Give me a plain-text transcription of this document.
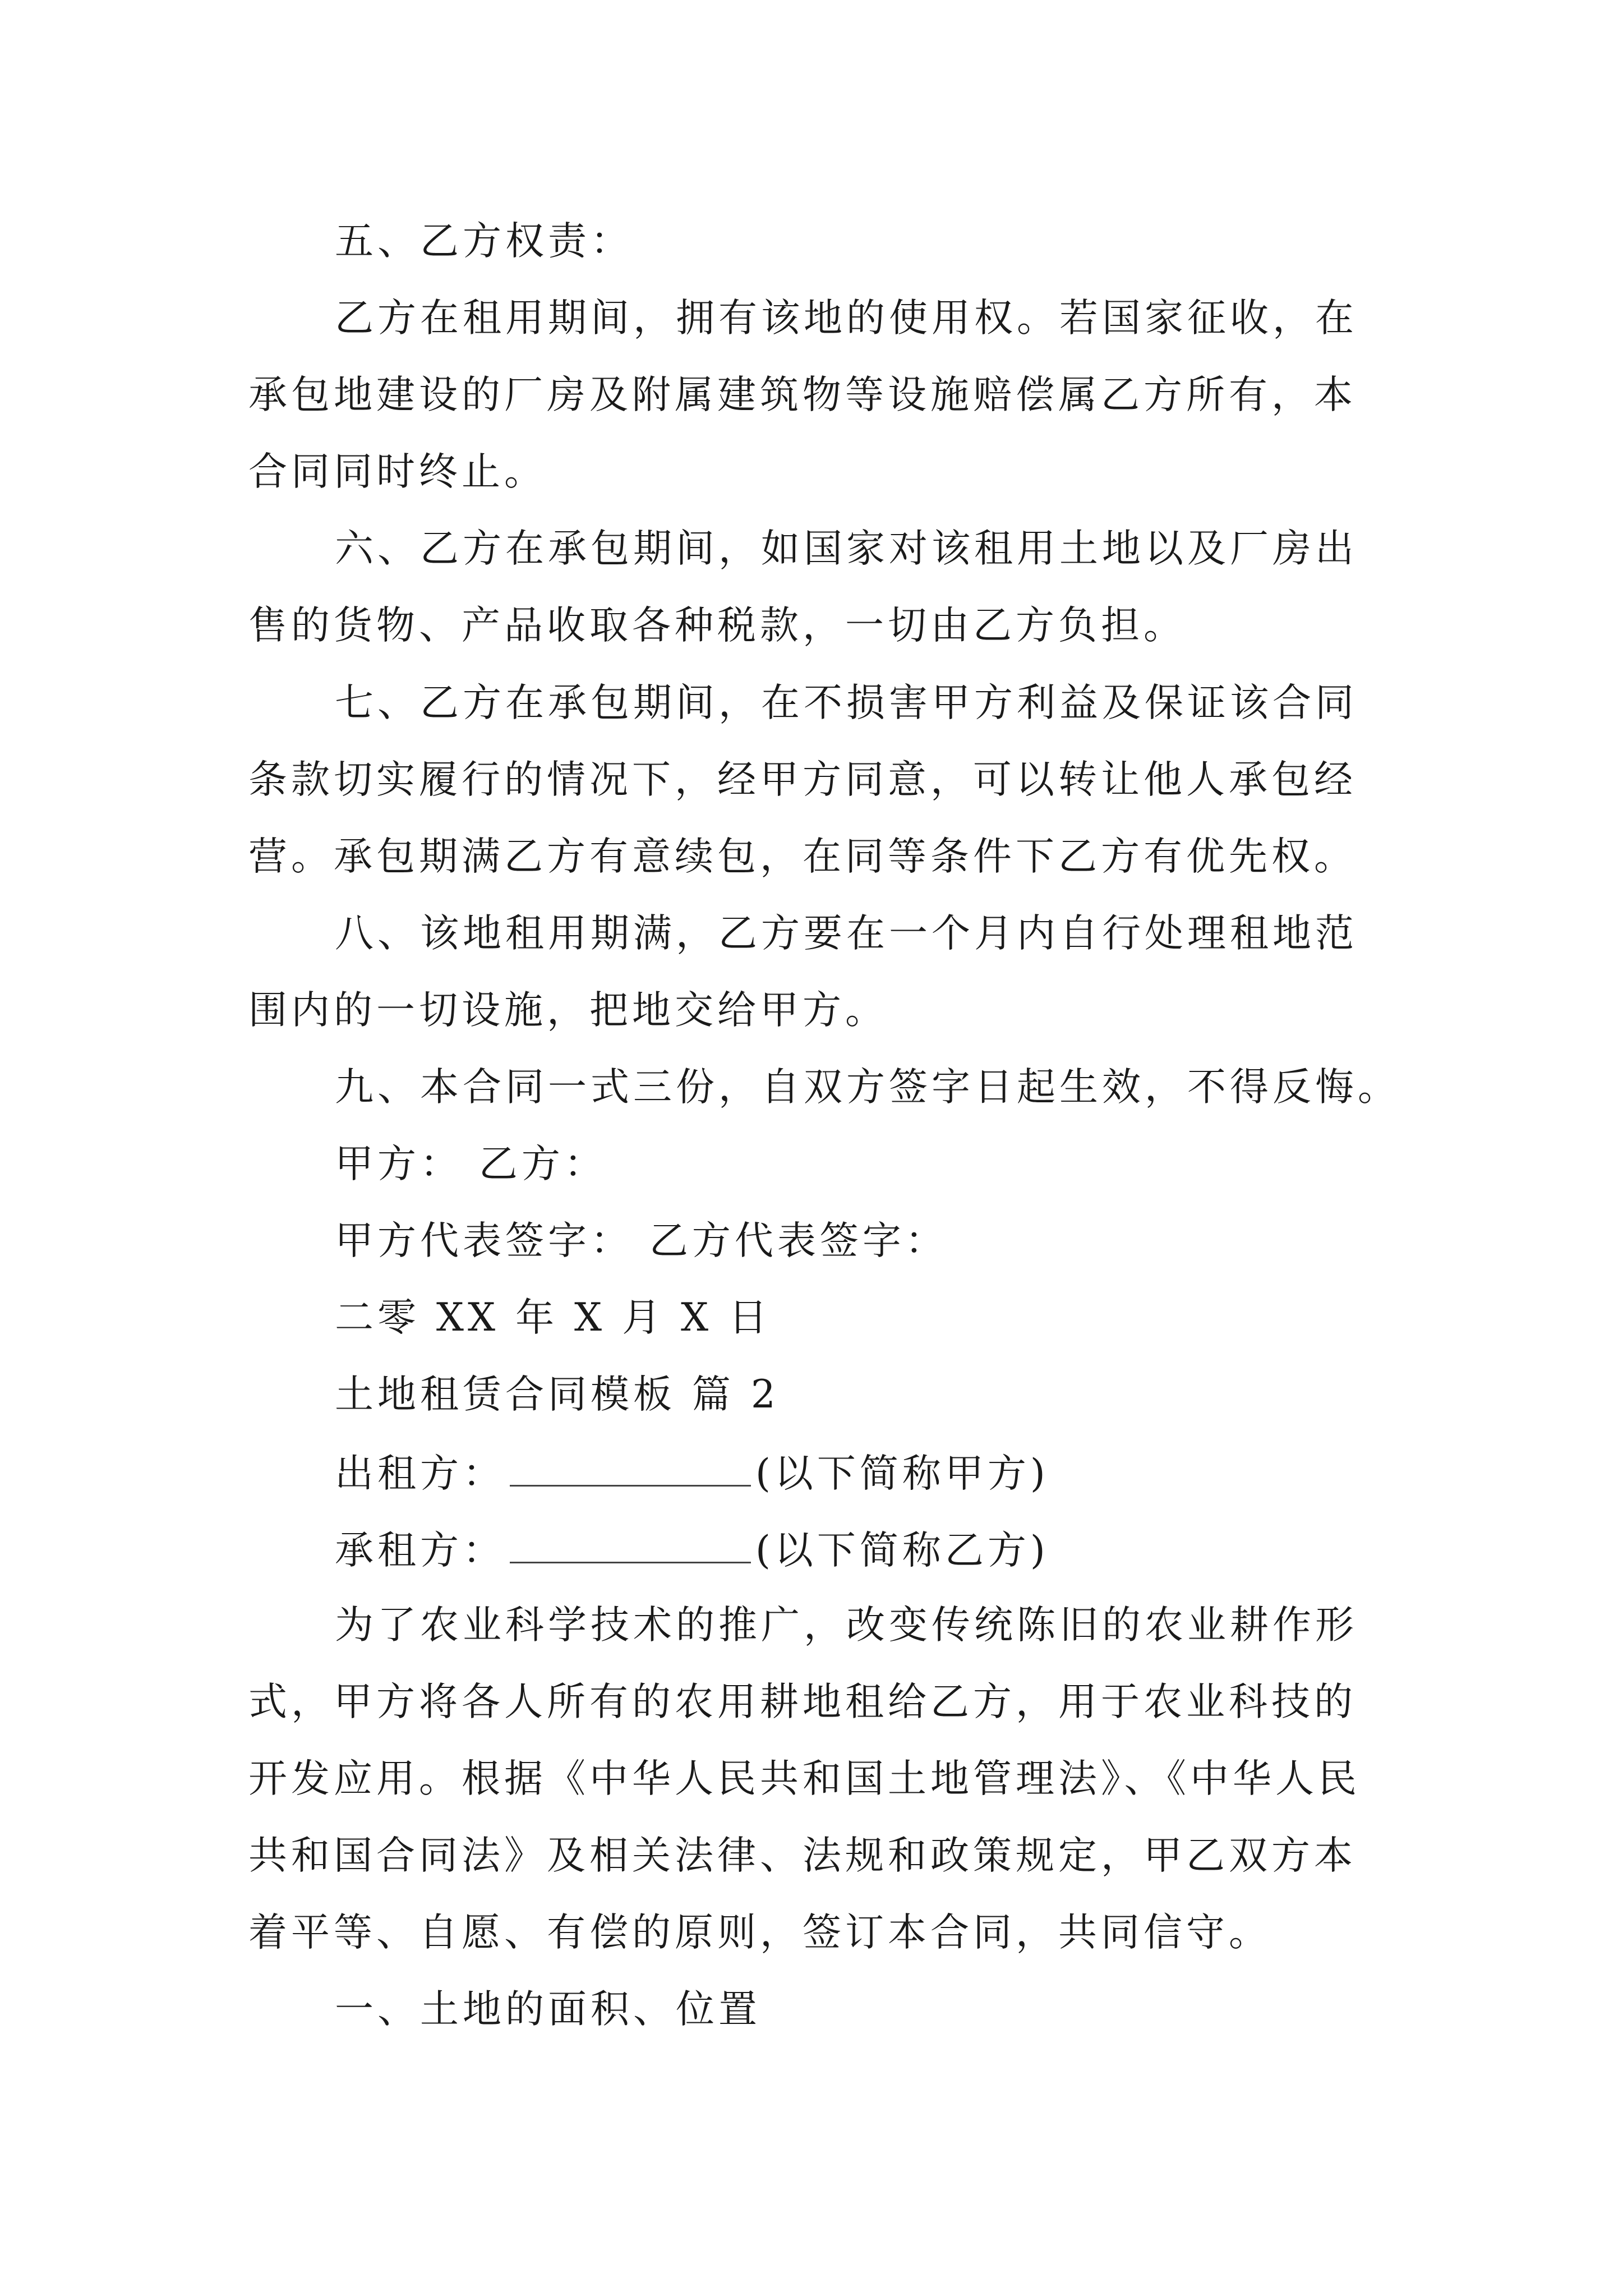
五、乙方权责：
乙方在租用期间，拥有该地的使用权。若国家征收，在
承包地建设的厂房及附属建筑物等设施赔偿属乙方所有，本
合同同时终止。
六、乙方在承包期间，如国家对该租用土地以及厂房出
售的货物、产品收取各种税款，一切由乙方负担。
七、乙方在承包期间，在不损害甲方利益及保证该合同
条款切实履行的情况下，经甲方同意，可以转让他人承包经
营。承包期满乙方有意续包，在同等条件下乙方有优先权。
八、该地租用期满，乙方要在一个月内自行处理租地范
围内的一切设施，把地交给甲方。
九、本合同一式三份，自双方签字日起生效，不得反悔。
甲方： 乙方：
甲方代表签字： 乙方代表签字：
二零 XX 年 X 月 X 日
土地租赁合同模板 篇 2
出租方：	(以下简称甲方)
承租方：	(以下简称乙方)
为了农业科学技术的推广，改变传统陈旧的农业耕作形
式，甲方将各人所有的农用耕地租给乙方，用于农业科技的
开发应用。根据《中华人民共和国土地管理法》、《中华人民
共和国合同法》及相关法律、法规和政策规定，甲乙双方本
着平等、自愿、有偿的原则，签订本合同，共同信守。
一、土地的面积、位置
